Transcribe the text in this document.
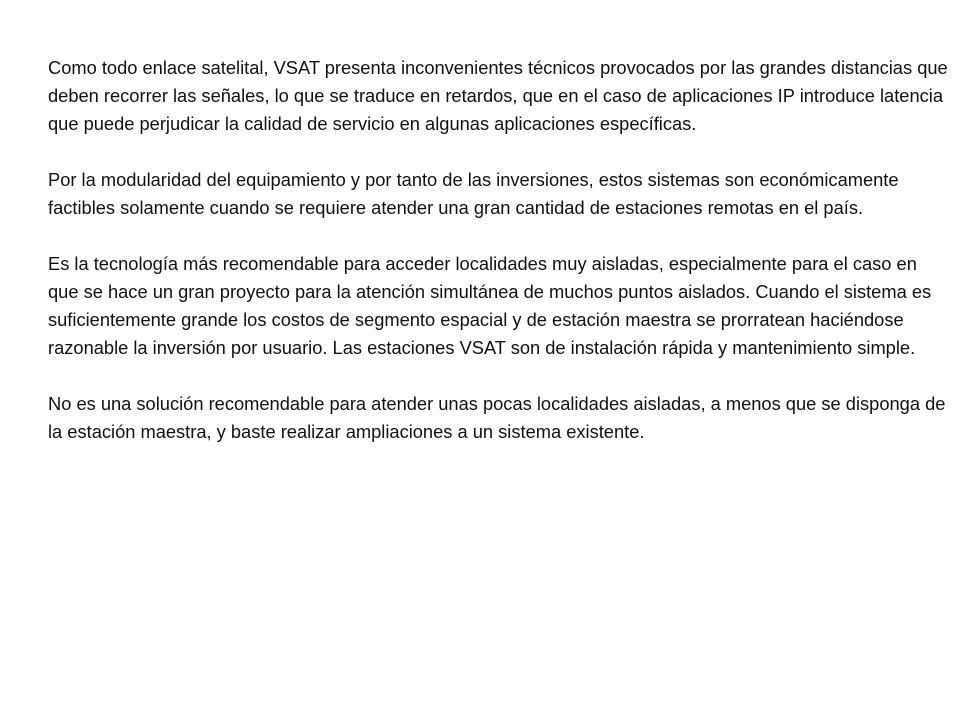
Como todo enlace satelital, VSAT presenta inconvenientes técnicos provocados por las grandes distancias que deben recorrer las señales, lo que se traduce en retardos, que en el caso de aplicaciones IP introduce latencia que puede perjudicar la calidad de servicio en algunas aplicaciones específicas.

Por la modularidad del equipamiento y por tanto de las inversiones, estos sistemas son económicamente factibles solamente cuando se requiere atender una gran cantidad de estaciones remotas en el país.

Es la tecnología más recomendable para acceder localidades muy aisladas, especialmente para el caso en que se hace un gran proyecto para la atención simultánea de muchos puntos aislados. Cuando el sistema es suficientemente grande los costos de segmento espacial y de estación maestra se prorratean haciéndose razonable la inversión por usuario. Las estaciones VSAT son de instalación rápida y mantenimiento simple.

No es una solución recomendable para atender unas pocas localidades aisladas, a menos que se disponga de la estación maestra, y baste realizar ampliaciones a un sistema existente.
